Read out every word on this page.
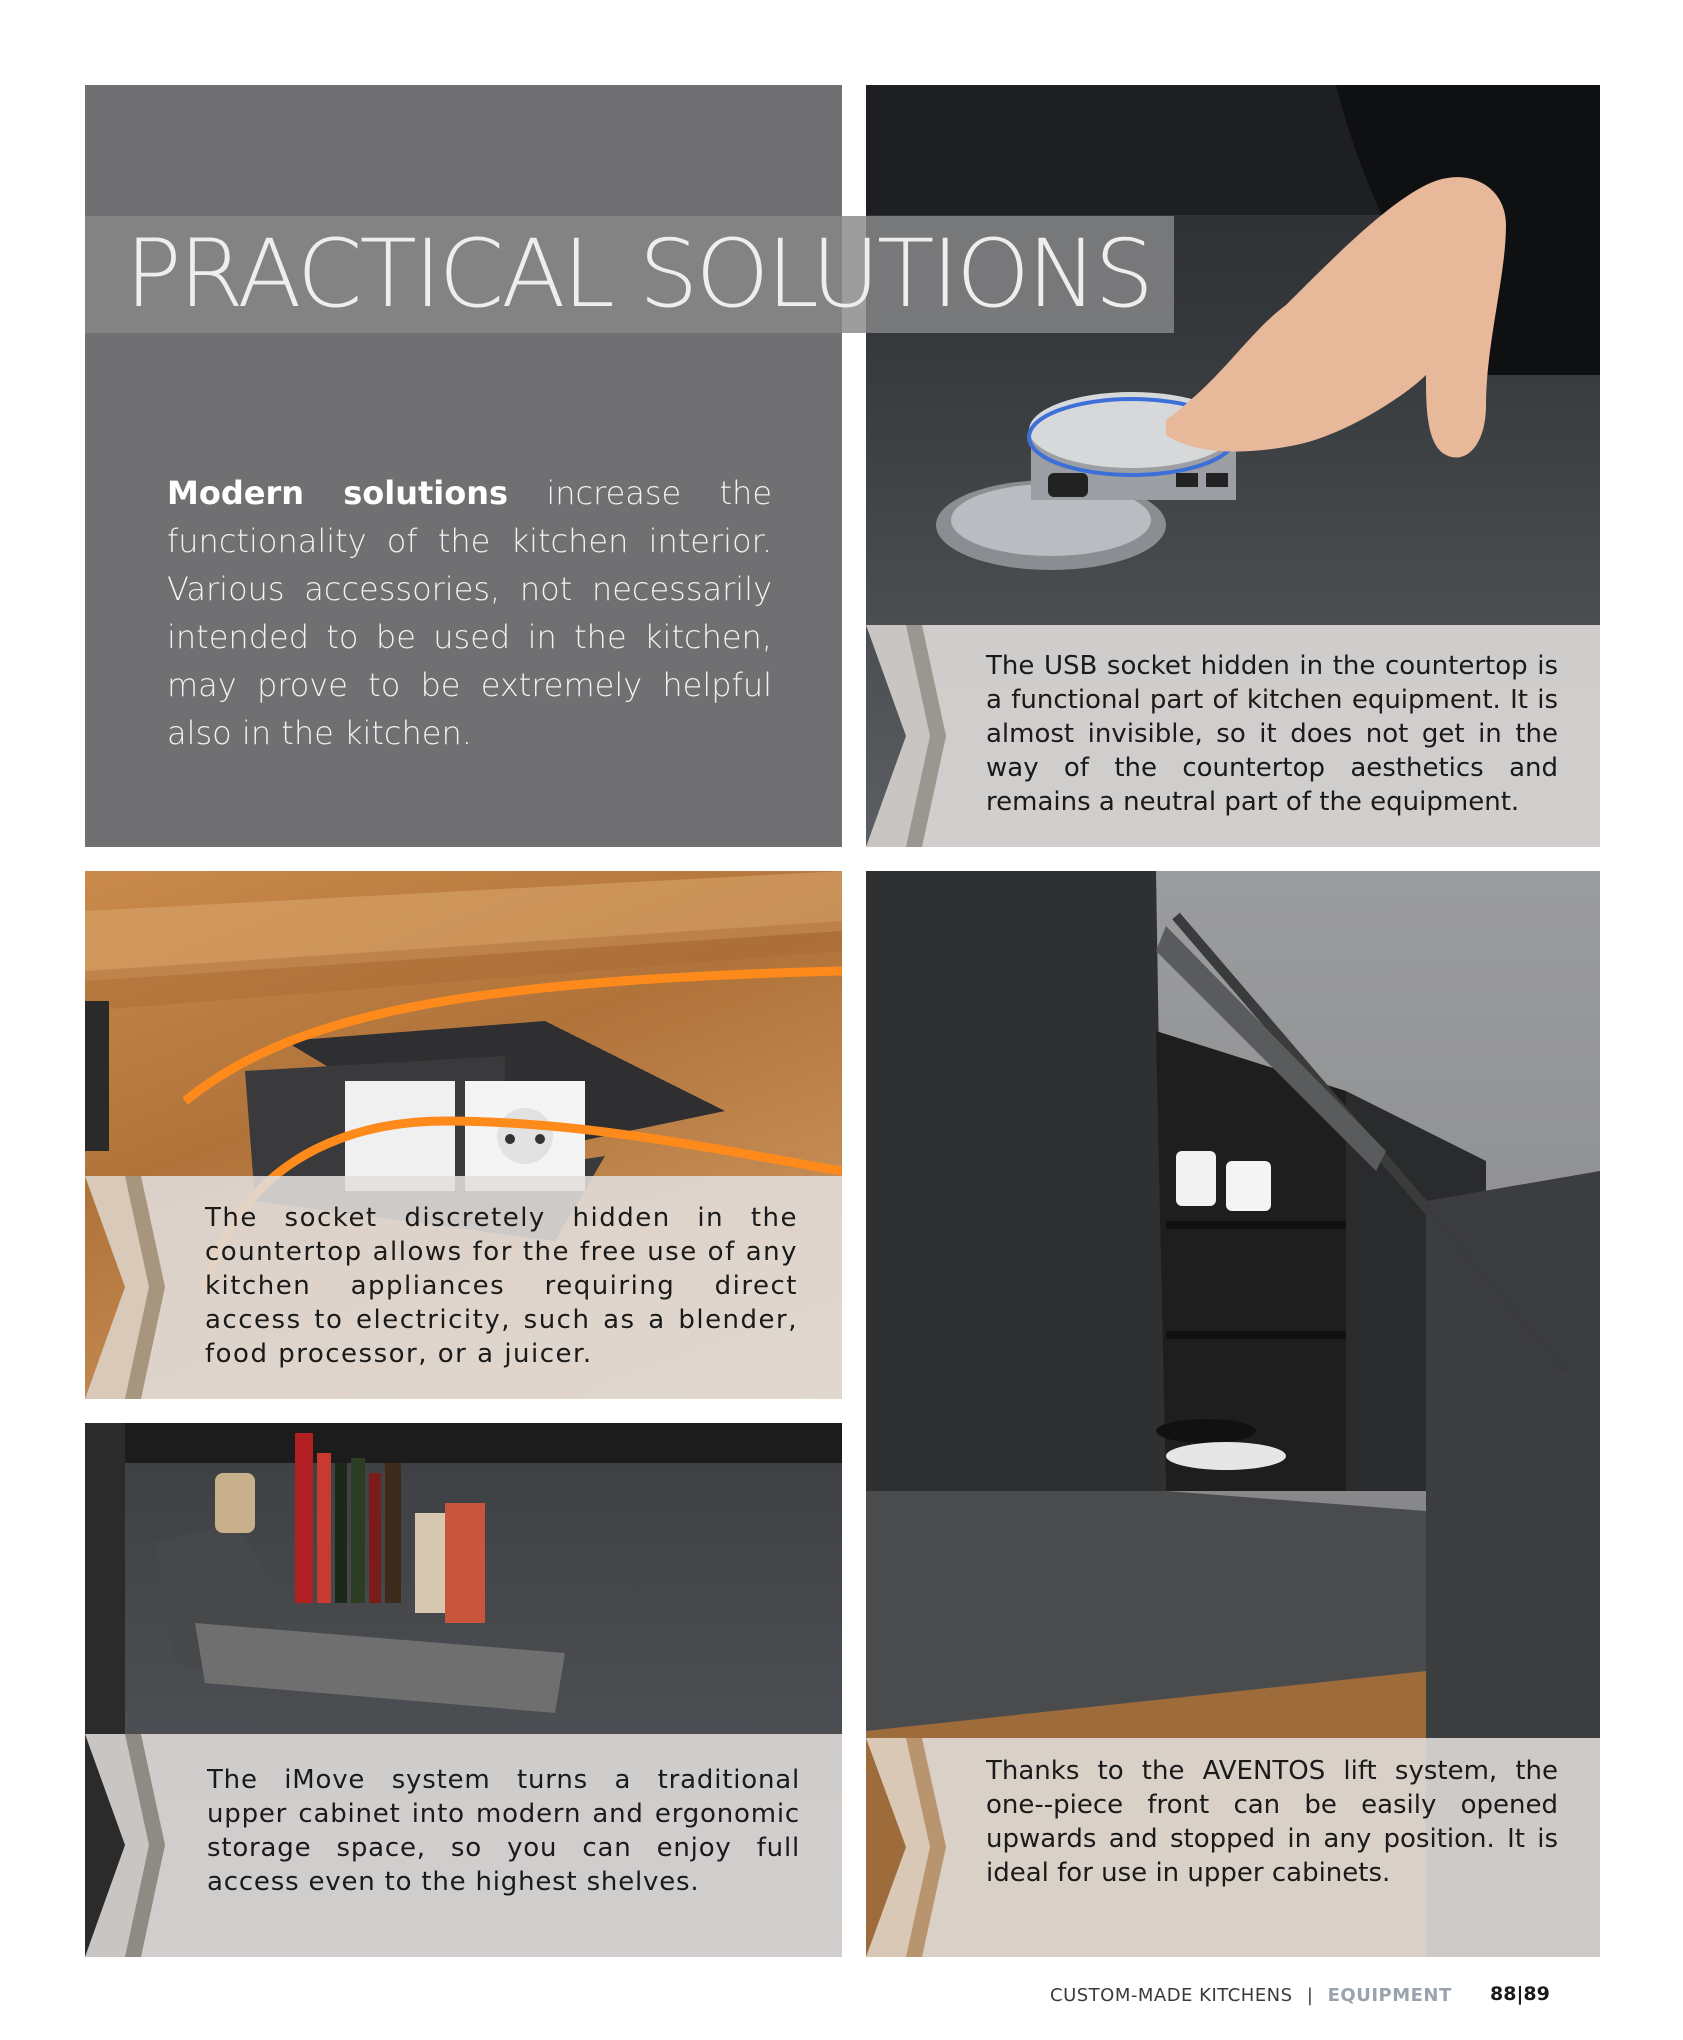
Modern solutions increase the functionality of the kitchen interior. Various accessories, not necessarily intended to be used in the kitchen, may prove to be extremely helpful also in the kitchen.

The USB socket hidden in the countertop is a functional part of kitchen equipment. It is almost invisible, so it does not get in the way of the countertop aesthetics and remains a neutral part of the equipment.
The socket discretely hidden in the countertop allows for the free use of any kitchen appliances requiring direct access to electricity, such as a blender, food processor, or a juicer.
The iMove system turns a traditional upper cabinet into modern and ergonomic storage space, so you can enjoy full access even to the highest shelves.
Thanks to the AVENTOS lift system, the one--piece front can be easily opened upwards and stopped in any position. It is ideal for use in upper cabinets.
PRACTICAL SOLUTIONS
CUSTOM-MADE KITCHENS | EQUIPMENT 88|89
